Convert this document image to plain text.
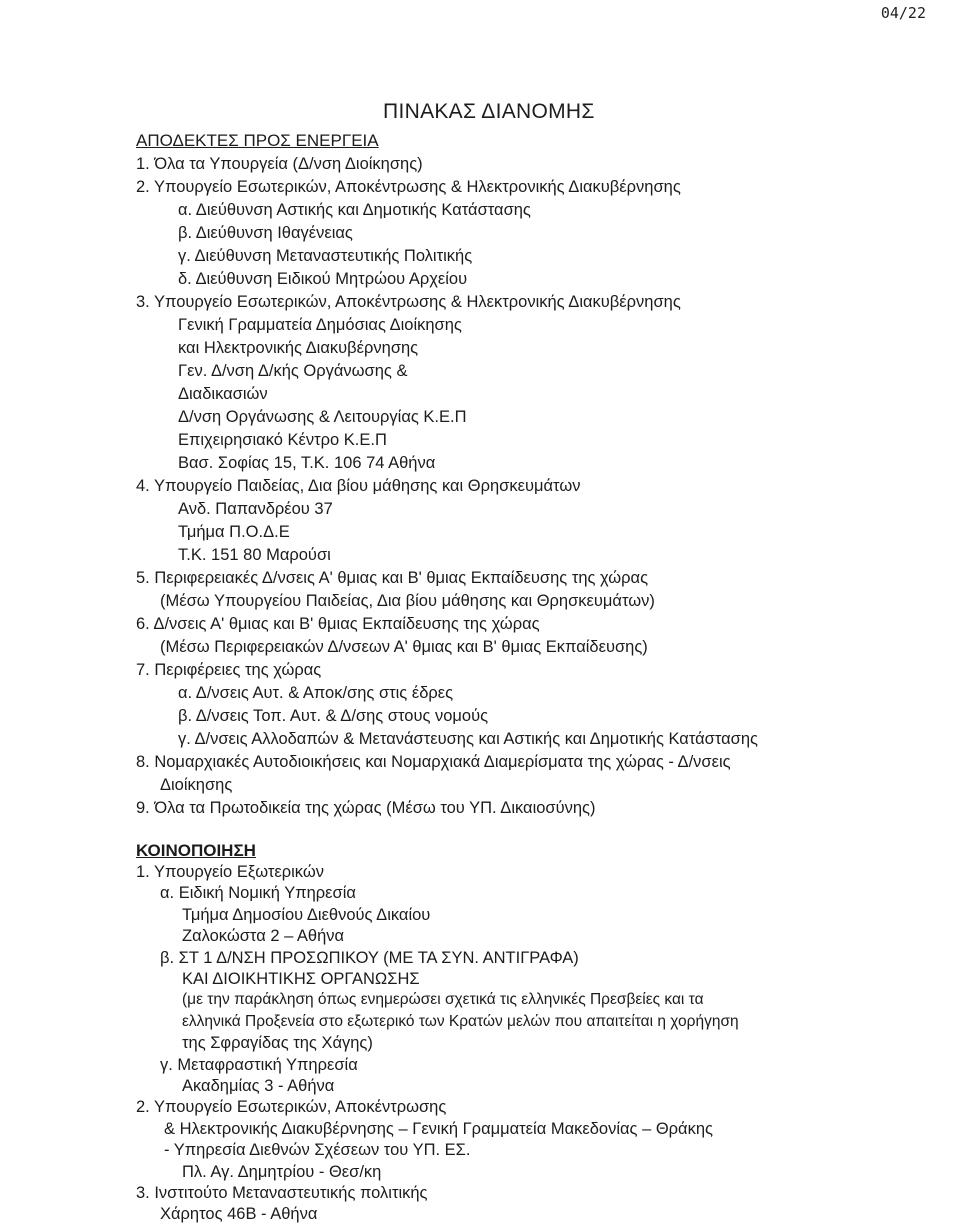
04/22
ΠΙΝΑΚΑΣ ΔΙΑΝΟΜΗΣ
ΑΠΟΔΕΚΤΕΣ ΠΡΟΣ ΕΝΕΡΓΕΙΑ
1. Όλα τα Υπουργεία (Δ/νση Διοίκησης)
2. Υπουργείο Εσωτερικών, Αποκέντρωσης & Ηλεκτρονικής Διακυβέρνησης
α. Διεύθυνση Αστικής και Δημοτικής Κατάστασης
β. Διεύθυνση Ιθαγένειας
γ. Διεύθυνση Μεταναστευτικής Πολιτικής
δ. Διεύθυνση Ειδικού Μητρώου Αρχείου
3. Υπουργείο Εσωτερικών, Αποκέντρωσης & Ηλεκτρονικής Διακυβέρνησης
Γενική Γραμματεία Δημόσιας Διοίκησης
και Ηλεκτρονικής Διακυβέρνησης
Γεν. Δ/νση Δ/κής Οργάνωσης &
Διαδικασιών
Δ/νση Οργάνωσης & Λειτουργίας Κ.Ε.Π
Επιχειρησιακό Κέντρο Κ.Ε.Π
Βασ. Σοφίας 15, Τ.Κ. 106 74 Αθήνα
4. Υπουργείο Παιδείας, Δια βίου μάθησης και Θρησκευμάτων
Ανδ. Παπανδρέου 37
Τμήμα Π.Ο.Δ.Ε
Τ.Κ. 151 80 Μαρούσι
5. Περιφερειακές Δ/νσεις Α' θμιας και Β' θμιας Εκπαίδευσης της χώρας
(Μέσω Υπουργείου Παιδείας, Δια βίου μάθησης και Θρησκευμάτων)
6. Δ/νσεις Α' θμιας και Β' θμιας Εκπαίδευσης της χώρας
(Μέσω Περιφερειακών Δ/νσεων Α' θμιας και Β' θμιας Εκπαίδευσης)
7. Περιφέρειες της χώρας
α. Δ/νσεις Αυτ. & Αποκ/σης στις έδρες
β. Δ/νσεις Τοπ. Αυτ. & Δ/σης στους νομούς
γ. Δ/νσεις Αλλοδαπών & Μετανάστευσης και Αστικής και Δημοτικής Κατάστασης
8. Νομαρχιακές Αυτοδιοικήσεις και Νομαρχιακά Διαμερίσματα της χώρας - Δ/νσεις
Διοίκησης
9. Όλα τα Πρωτοδικεία της χώρας (Μέσω του ΥΠ. Δικαιοσύνης)
ΚΟΙΝΟΠΟΙΗΣΗ
1. Υπουργείο Εξωτερικών
α. Ειδική Νομική Υπηρεσία
Τμήμα Δημοσίου Διεθνούς Δικαίου
Ζαλοκώστα 2 – Αθήνα
β. ΣΤ 1 Δ/ΝΣΗ ΠΡΟΣΩΠΙΚΟΥ (ΜΕ ΤΑ ΣΥΝ. ΑΝΤΙΓΡΑΦΑ)
ΚΑΙ ΔΙΟΙΚΗΤΙΚΗΣ ΟΡΓΑΝΩΣΗΣ
(με την παράκληση όπως ενημερώσει σχετικά τις ελληνικές Πρεσβείες και τα
ελληνικά Προξενεία στο εξωτερικό των Κρατών μελών που απαιτείται η χορήγηση
της Σφραγίδας της Χάγης)
γ. Μεταφραστική Υπηρεσία
Ακαδημίας 3 - Αθήνα
2. Υπουργείο Εσωτερικών, Αποκέντρωσης
& Ηλεκτρονικής Διακυβέρνησης – Γενική Γραμματεία Μακεδονίας – Θράκης
- Υπηρεσία Διεθνών Σχέσεων του ΥΠ. ΕΣ.
Πλ. Αγ. Δημητρίου - Θεσ/κη
3. Ινστιτούτο Μεταναστευτικής πολιτικής
Χάρητος 46Β - Αθήνα
